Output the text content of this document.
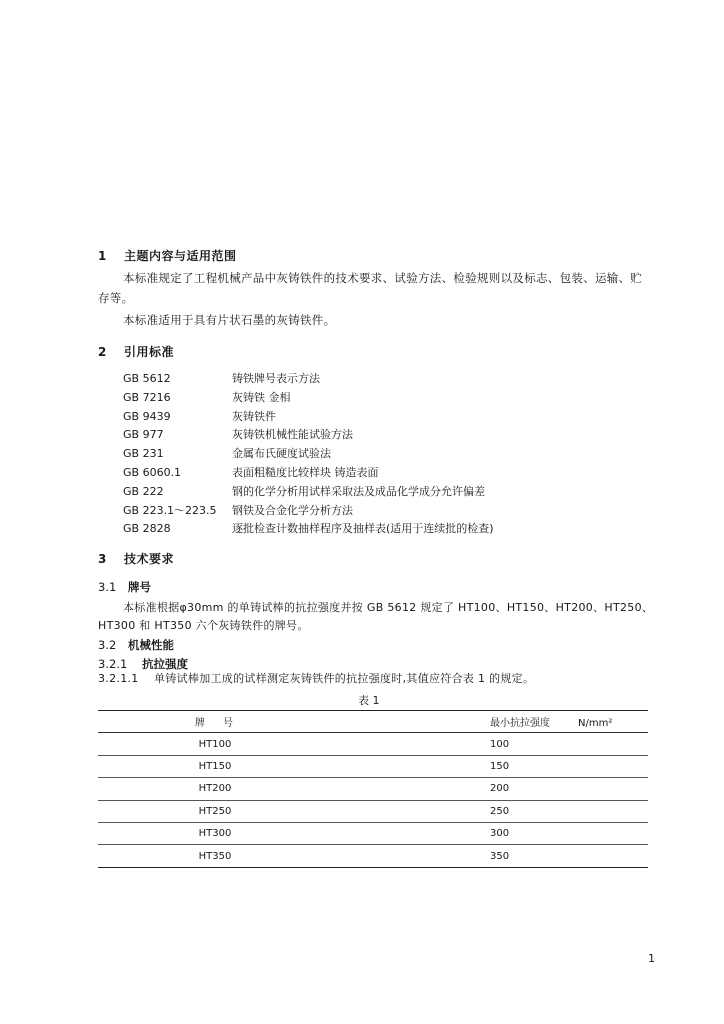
1 主题内容与适用范围
本标准规定了工程机械产品中灰铸铁件的技术要求、试验方法、检验规则以及标志、包装、运输、贮
存等。
本标准适用于具有片状石墨的灰铸铁件。
2 引用标准
GB 5612	铸铁牌号表示方法
GB 7216	灰铸铁 金相
GB 9439	灰铸铁件
GB 977	灰铸铁机械性能试验方法
GB 231	金属布氏硬度试验法
GB 6060.1	表面粗糙度比较样块 铸造表面
GB 222	钢的化学分析用试样采取法及成品化学成分允许偏差
GB 223.1～223.5 钢铁及合金化学分析方法
GB 2828	逐批检查计数抽样程序及抽样表(适用于连续批的检查)
3 技术要求
3.1 牌号
本标准根据φ30mm 的单铸试棒的抗拉强度并按 GB 5612 规定了 HT100、HT150、HT200、HT250、
HT300 和 HT350 六个灰铸铁件的牌号。
3.2 机械性能
3.2.1 抗拉强度
3.2.1.1 单铸试棒加工成的试样测定灰铸铁件的抗拉强度时,其值应符合表 1 的规定。
表 1
牌号	最小抗拉强度 N/mm²
HT100	100
HT150	150
HT200	200
HT250	250
HT300	300
HT350	350
1
